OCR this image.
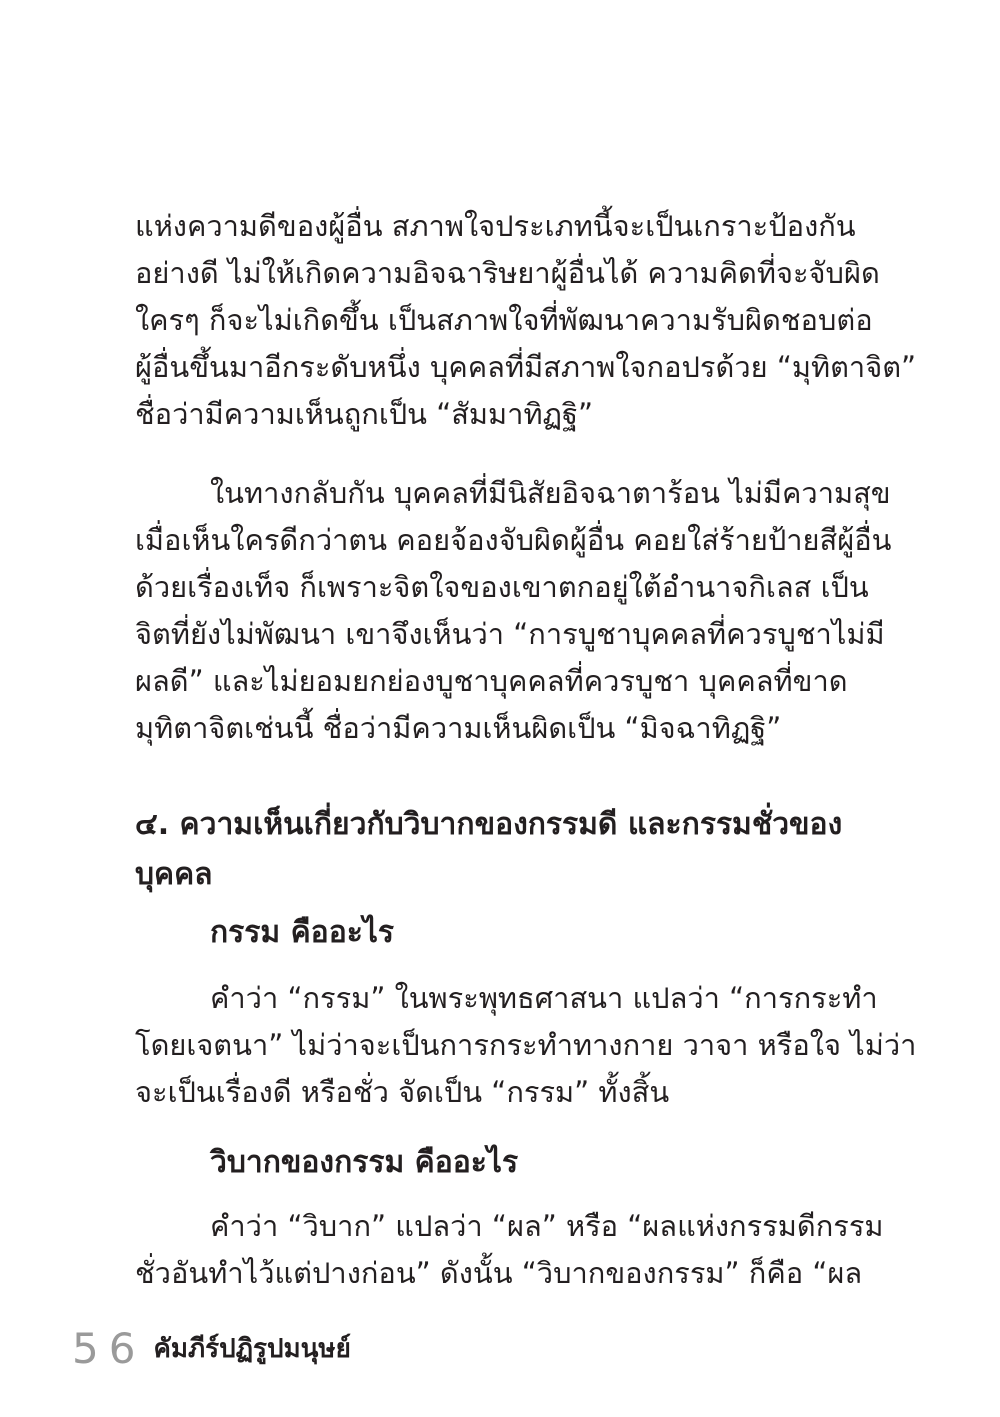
แห่งความดีของผู้อื่น สภาพใจประเภทนี้จะเป็นเกราะป้องกัน
อย่างดี ไม่ให้เกิดความอิจฉาริษยาผู้อื่นได้ ความคิดที่จะจับผิด
ใครๆ ก็จะไม่เกิดขึ้น เป็นสภาพใจที่พัฒนาความรับผิดชอบต่อ
ผู้อื่นขึ้นมาอีกระดับหนึ่ง บุคคลที่มีสภาพใจกอปรด้วย “มุทิตาจิต”
ชื่อว่ามีความเห็นถูกเป็น “สัมมาทิฏฐิ”
ในทางกลับกัน บุคคลที่มีนิสัยอิจฉาตาร้อน ไม่มีความสุข
เมื่อเห็นใครดีกว่าตน คอยจ้องจับผิดผู้อื่น คอยใส่ร้ายป้ายสีผู้อื่น
ด้วยเรื่องเท็จ ก็เพราะจิตใจของเขาตกอยู่ใต้อำนาจกิเลส เป็น
จิตที่ยังไม่พัฒนา เขาจึงเห็นว่า “การบูชาบุคคลที่ควรบูชาไม่มี
ผลดี” และไม่ยอมยกย่องบูชาบุคคลที่ควรบูชา บุคคลที่ขาด
มุทิตาจิตเช่นนี้ ชื่อว่ามีความเห็นผิดเป็น “มิจฉาทิฏฐิ”
๔. ความเห็นเกี่ยวกับวิบากของกรรมดี และกรรมชั่วของ
บุคคล
กรรม คืออะไร
คำว่า “กรรม” ในพระพุทธศาสนา แปลว่า “การกระทำ
โดยเจตนา” ไม่ว่าจะเป็นการกระทำทางกาย วาจา หรือใจ ไม่ว่า
จะเป็นเรื่องดี หรือชั่ว จัดเป็น “กรรม” ทั้งสิ้น
วิบากของกรรม คืออะไร
คำว่า “วิบาก” แปลว่า “ผล” หรือ “ผลแห่งกรรมดีกรรม
ชั่วอันทำไว้แต่ปางก่อน” ดังนั้น “วิบากของกรรม” ก็คือ “ผล
56 คัมภีร์ปฏิรูปมนุษย์
